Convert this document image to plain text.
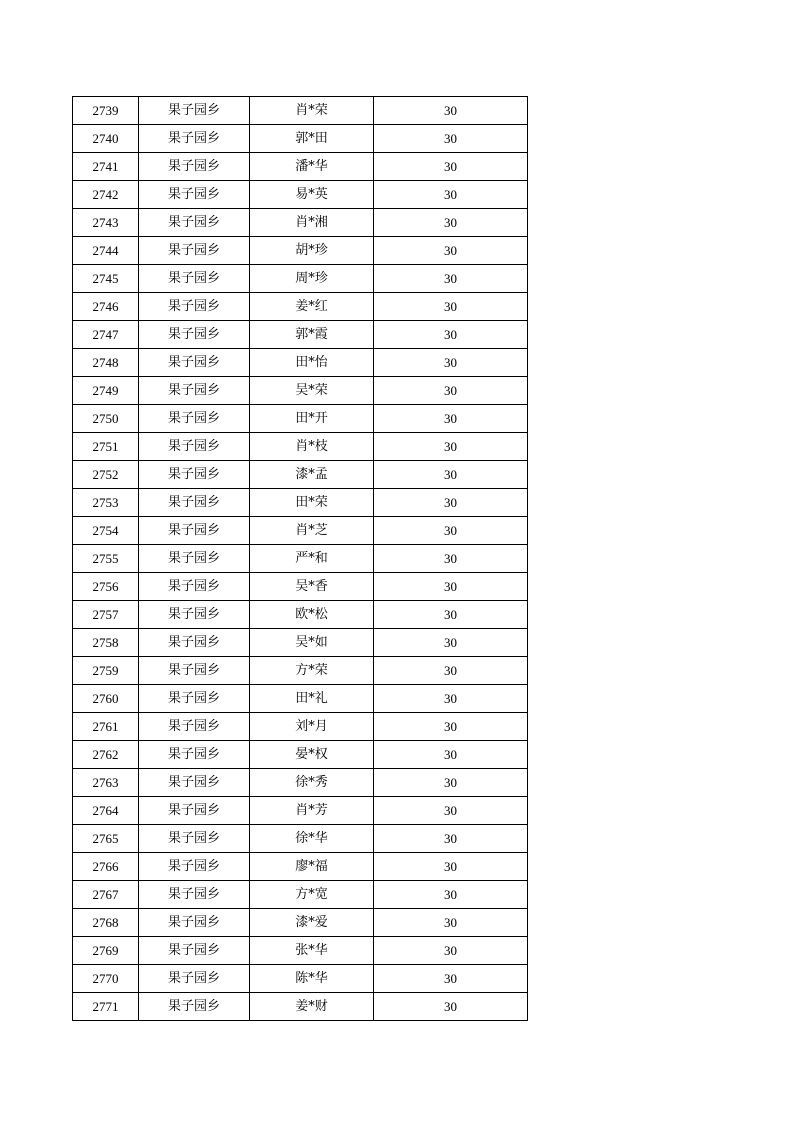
2739	果子园乡	肖*荣	30
2740	果子园乡	郭*田	30
2741	果子园乡	潘*华	30
2742	果子园乡	易*英	30
2743	果子园乡	肖*湘	30
2744	果子园乡	胡*珍	30
2745	果子园乡	周*珍	30
2746	果子园乡	姜*红	30
2747	果子园乡	郭*霞	30
2748	果子园乡	田*怡	30
2749	果子园乡	吴*荣	30
2750	果子园乡	田*开	30
2751	果子园乡	肖*枝	30
2752	果子园乡	漆*孟	30
2753	果子园乡	田*荣	30
2754	果子园乡	肖*芝	30
2755	果子园乡	严*和	30
2756	果子园乡	吴*香	30
2757	果子园乡	欧*松	30
2758	果子园乡	吴*如	30
2759	果子园乡	方*荣	30
2760	果子园乡	田*礼	30
2761	果子园乡	刘*月	30
2762	果子园乡	晏*权	30
2763	果子园乡	徐*秀	30
2764	果子园乡	肖*芳	30
2765	果子园乡	徐*华	30
2766	果子园乡	廖*福	30
2767	果子园乡	方*宽	30
2768	果子园乡	漆*爱	30
2769	果子园乡	张*华	30
2770	果子园乡	陈*华	30
2771	果子园乡	姜*财	30
